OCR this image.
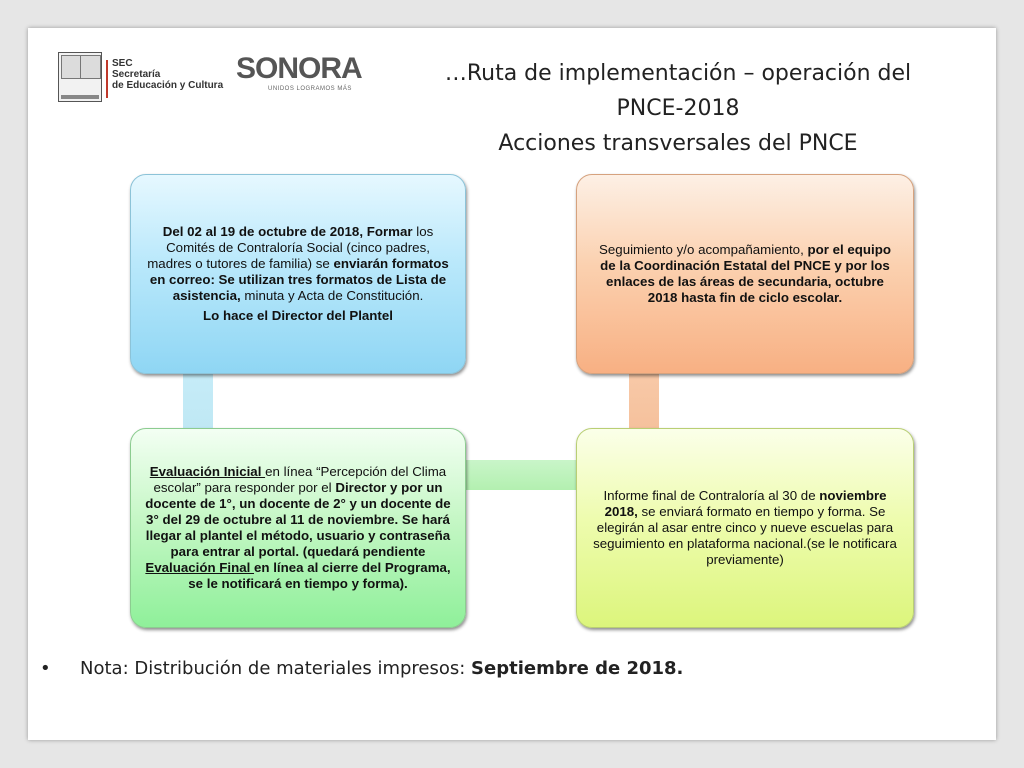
SEC
Secretaría
de Educación y Cultura
SONORA
UNIDOS LOGRAMOS MÁS
…Ruta de implementación – operación del
PNCE-2018
Acciones transversales del PNCE
Del 02 al 19 de octubre de 2018, Formar los Comités de Contraloría Social (cinco padres, madres o tutores de familia) se enviarán formatos en correo: Se utilizan tres formatos de Lista de asistencia, minuta y Acta de Constitución.
Lo hace el Director del Plantel
Seguimiento y/o acompañamiento, por el equipo de la Coordinación Estatal del PNCE y por los enlaces de las áreas de secundaria, octubre 2018 hasta fin de ciclo escolar.
Evaluación Inicial en línea “Percepción del Clima escolar” para responder por el Director y por un docente de 1°, un docente de 2° y un docente de 3° del 29 de octubre al 11 de noviembre. Se hará llegar al plantel el método, usuario y contraseña para entrar al portal. (quedará pendiente Evaluación Final en línea al cierre del Programa, se le notificará en tiempo y forma).
Informe final de Contraloría al 30 de noviembre 2018, se enviará formato en tiempo y forma. Se elegirán al asar entre cinco y nueve escuelas para seguimiento en plataforma nacional.(se le notificara previamente)
• Nota: Distribución de materiales impresos: Septiembre de 2018.
